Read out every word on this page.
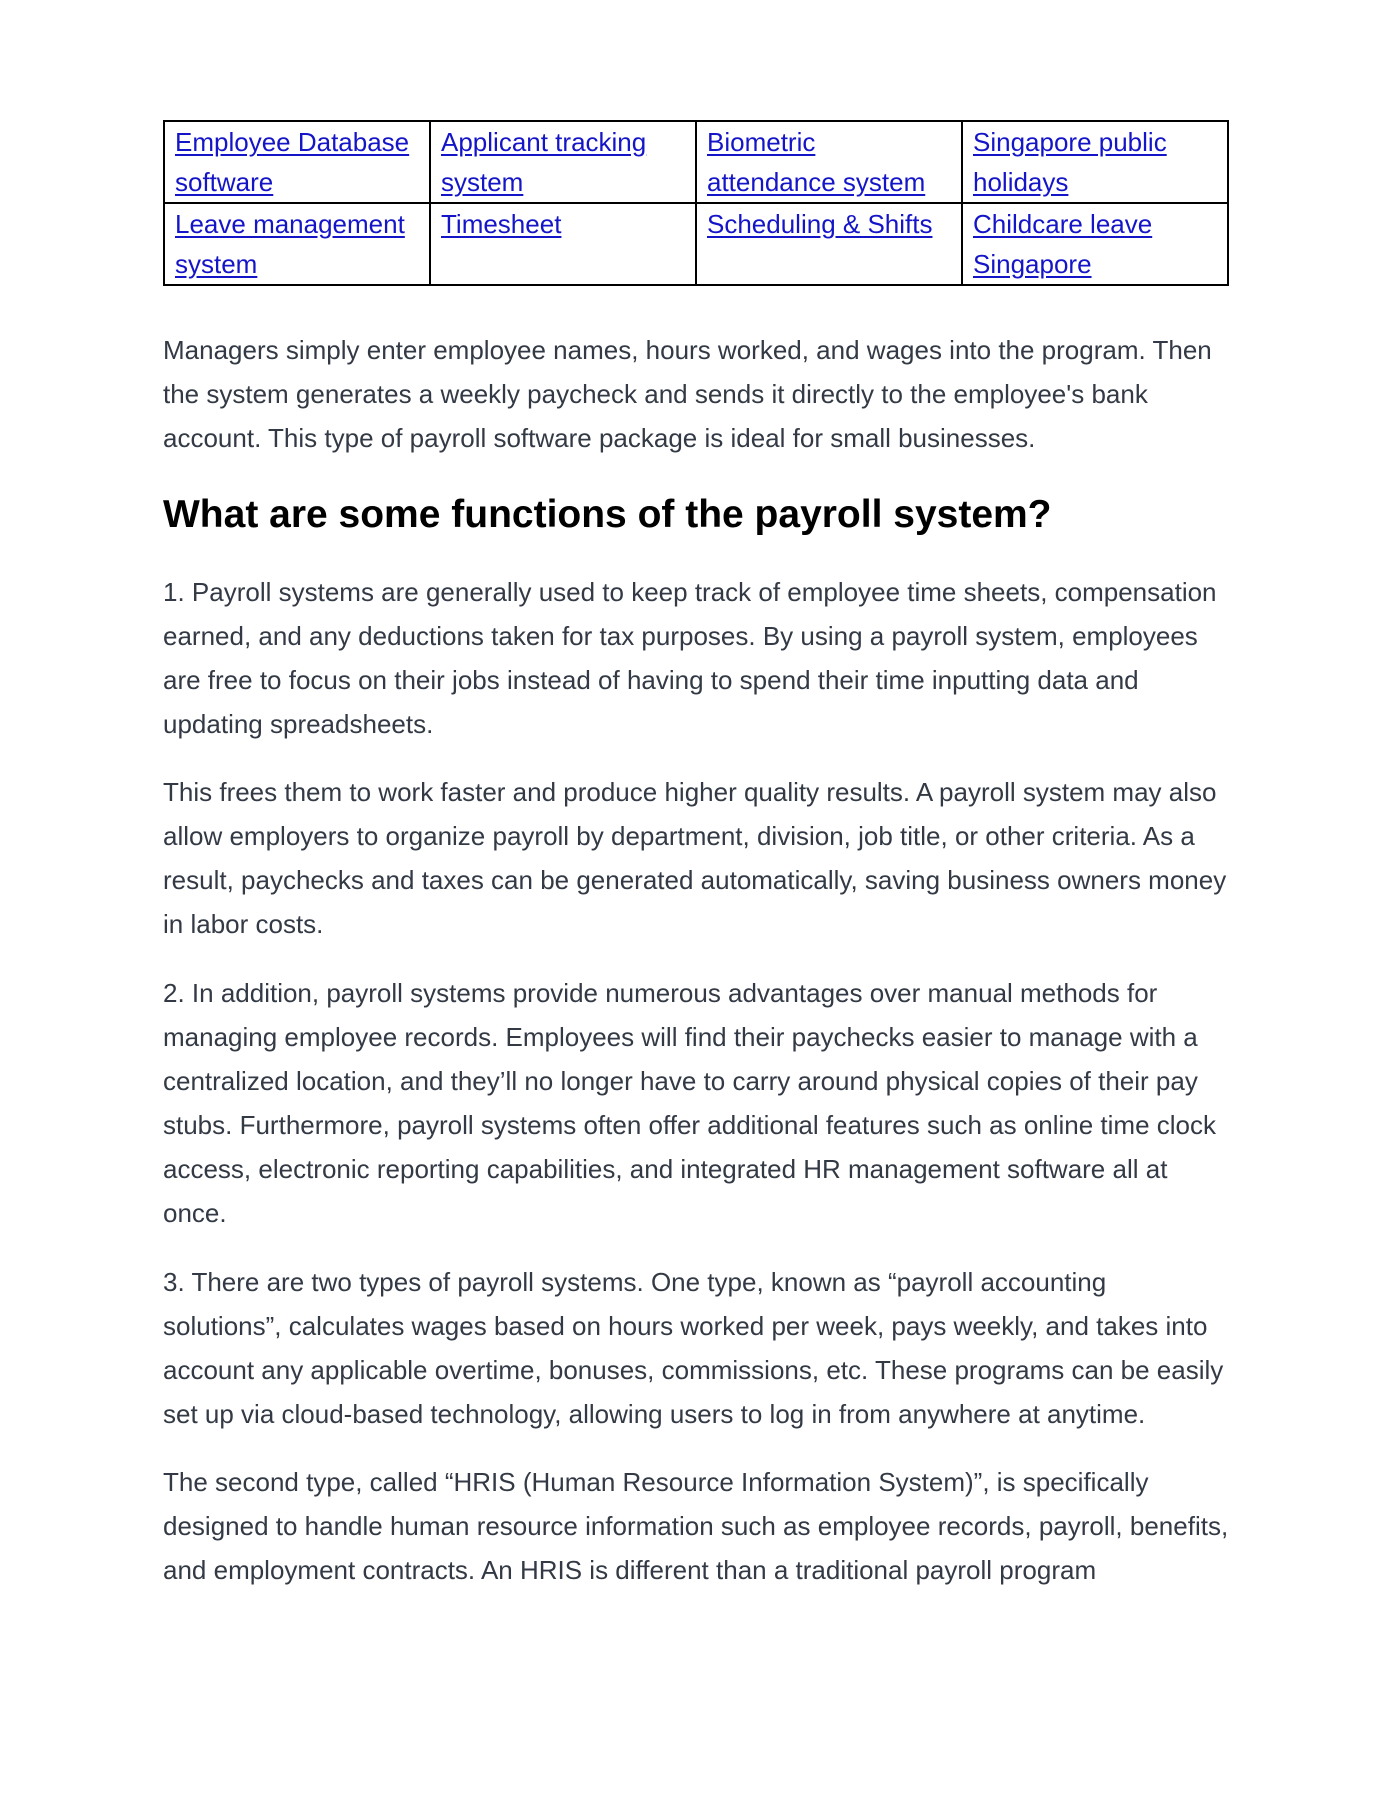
Employee Database software	Applicant tracking system	Biometric attendance system	Singapore public holidays
Leave management system	Timesheet	Scheduling & Shifts	Childcare leave Singapore

Managers simply enter employee names, hours worked, and wages into the program. Then the system generates a weekly paycheck and sends it directly to the employee's bank account. This type of payroll software package is ideal for small businesses.

What are some functions of the payroll system?

1. Payroll systems are generally used to keep track of employee time sheets, compensation earned, and any deductions taken for tax purposes. By using a payroll system, employees are free to focus on their jobs instead of having to spend their time inputting data and updating spreadsheets.

This frees them to work faster and produce higher quality results. A payroll system may also allow employers to organize payroll by department, division, job title, or other criteria. As a result, paychecks and taxes can be generated automatically, saving business owners money in labor costs.

2. In addition, payroll systems provide numerous advantages over manual methods for managing employee records. Employees will find their paychecks easier to manage with a centralized location, and they’ll no longer have to carry around physical copies of their pay stubs. Furthermore, payroll systems often offer additional features such as online time clock access, electronic reporting capabilities, and integrated HR management software all at once.

3. There are two types of payroll systems. One type, known as “payroll accounting solutions”, calculates wages based on hours worked per week, pays weekly, and takes into account any applicable overtime, bonuses, commissions, etc. These programs can be easily set up via cloud-based technology, allowing users to log in from anywhere at anytime.

The second type, called “HRIS (Human Resource Information System)”, is specifically designed to handle human resource information such as employee records, payroll, benefits, and employment contracts. An HRIS is different than a traditional payroll program
